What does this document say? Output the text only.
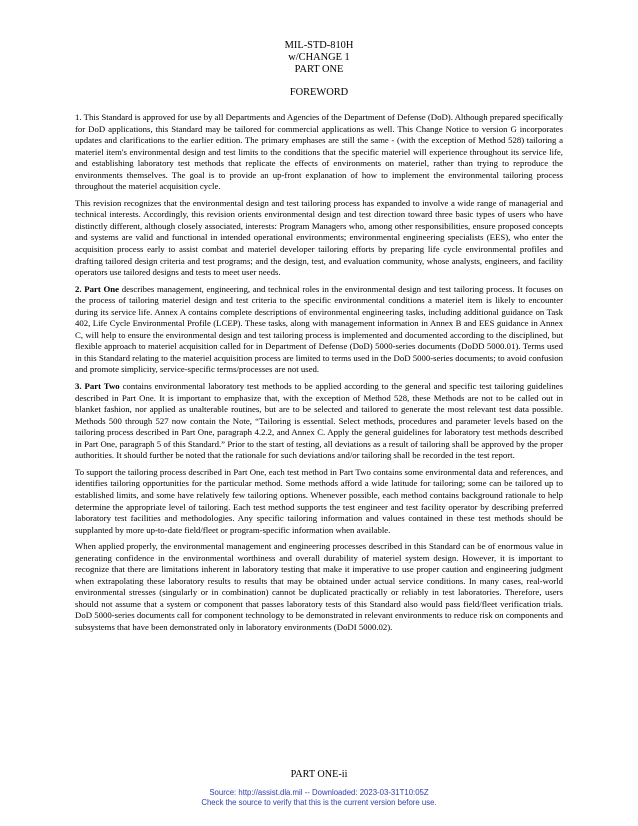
MIL-STD-810H
w/CHANGE 1
PART ONE
FOREWORD

1. This Standard is approved for use by all Departments and Agencies of the Department of Defense (DoD). Although prepared specifically for DoD applications, this Standard may be tailored for commercial applications as well. This Change Notice to version G incorporates updates and clarifications to the earlier edition. The primary emphases are still the same - (with the exception of Method 528) tailoring a materiel item's environmental design and test limits to the conditions that the specific materiel will experience throughout its service life, and establishing laboratory test methods that replicate the effects of environments on materiel, rather than trying to reproduce the environments themselves. The goal is to provide an up-front explanation of how to implement the environmental tailoring process throughout the materiel acquisition cycle.

This revision recognizes that the environmental design and test tailoring process has expanded to involve a wide range of managerial and technical interests. Accordingly, this revision orients environmental design and test direction toward three basic types of users who have distinctly different, although closely associated, interests: Program Managers who, among other responsibilities, ensure proposed concepts and systems are valid and functional in intended operational environments; environmental engineering specialists (EES), who enter the acquisition process early to assist combat and materiel developer tailoring efforts by preparing life cycle environmental profiles and drafting tailored design criteria and test programs; and the design, test, and evaluation community, whose analysts, engineers, and facility operators use tailored designs and tests to meet user needs.

2. Part One describes management, engineering, and technical roles in the environmental design and test tailoring process. It focuses on the process of tailoring materiel design and test criteria to the specific environmental conditions a materiel item is likely to encounter during its service life. Annex A contains complete descriptions of environmental engineering tasks, including additional guidance on Task 402, Life Cycle Environmental Profile (LCEP). These tasks, along with management information in Annex B and EES guidance in Annex C, will help to ensure the environmental design and test tailoring process is implemented and documented according to the disciplined, but flexible approach to materiel acquisition called for in Department of Defense (DoD) 5000-series documents (DoDD 5000.01). Terms used in this Standard relating to the materiel acquisition process are limited to terms used in the DoD 5000-series documents; to avoid confusion and promote simplicity, service-specific terms/processes are not used.

3. Part Two contains environmental laboratory test methods to be applied according to the general and specific test tailoring guidelines described in Part One. It is important to emphasize that, with the exception of Method 528, these Methods are not to be called out in blanket fashion, nor applied as unalterable routines, but are to be selected and tailored to generate the most relevant test data possible. Methods 500 through 527 now contain the Note, “Tailoring is essential. Select methods, procedures and parameter levels based on the tailoring process described in Part One, paragraph 4.2.2, and Annex C. Apply the general guidelines for laboratory test methods described in Part One, paragraph 5 of this Standard.” Prior to the start of testing, all deviations as a result of tailoring shall be approved by the proper authorities. It should further be noted that the rationale for such deviations and/or tailoring shall be recorded in the test report.

To support the tailoring process described in Part One, each test method in Part Two contains some environmental data and references, and identifies tailoring opportunities for the particular method. Some methods afford a wide latitude for tailoring; some can be tailored up to established limits, and some have relatively few tailoring options. Whenever possible, each method contains background rationale to help determine the appropriate level of tailoring. Each test method supports the test engineer and test facility operator by describing preferred laboratory test facilities and methodologies. Any specific tailoring information and values contained in these test methods should be supplanted by more up-to-date field/fleet or program-specific information when available.

When applied properly, the environmental management and engineering processes described in this Standard can be of enormous value in generating confidence in the environmental worthiness and overall durability of materiel system design. However, it is important to recognize that there are limitations inherent in laboratory testing that make it imperative to use proper caution and engineering judgment when extrapolating these laboratory results to results that may be obtained under actual service conditions. In many cases, real-world environmental stresses (singularly or in combination) cannot be duplicated practically or reliably in test laboratories. Therefore, users should not assume that a system or component that passes laboratory tests of this Standard also would pass field/fleet verification trials. DoD 5000-series documents call for component technology to be demonstrated in relevant environments to reduce risk on components and subsystems that have been demonstrated only in laboratory environments (DoDI 5000.02).

PART ONE-ii
Source: http://assist.dla.mil -- Downloaded: 2023-03-31T10:05Z
Check the source to verify that this is the current version before use.
